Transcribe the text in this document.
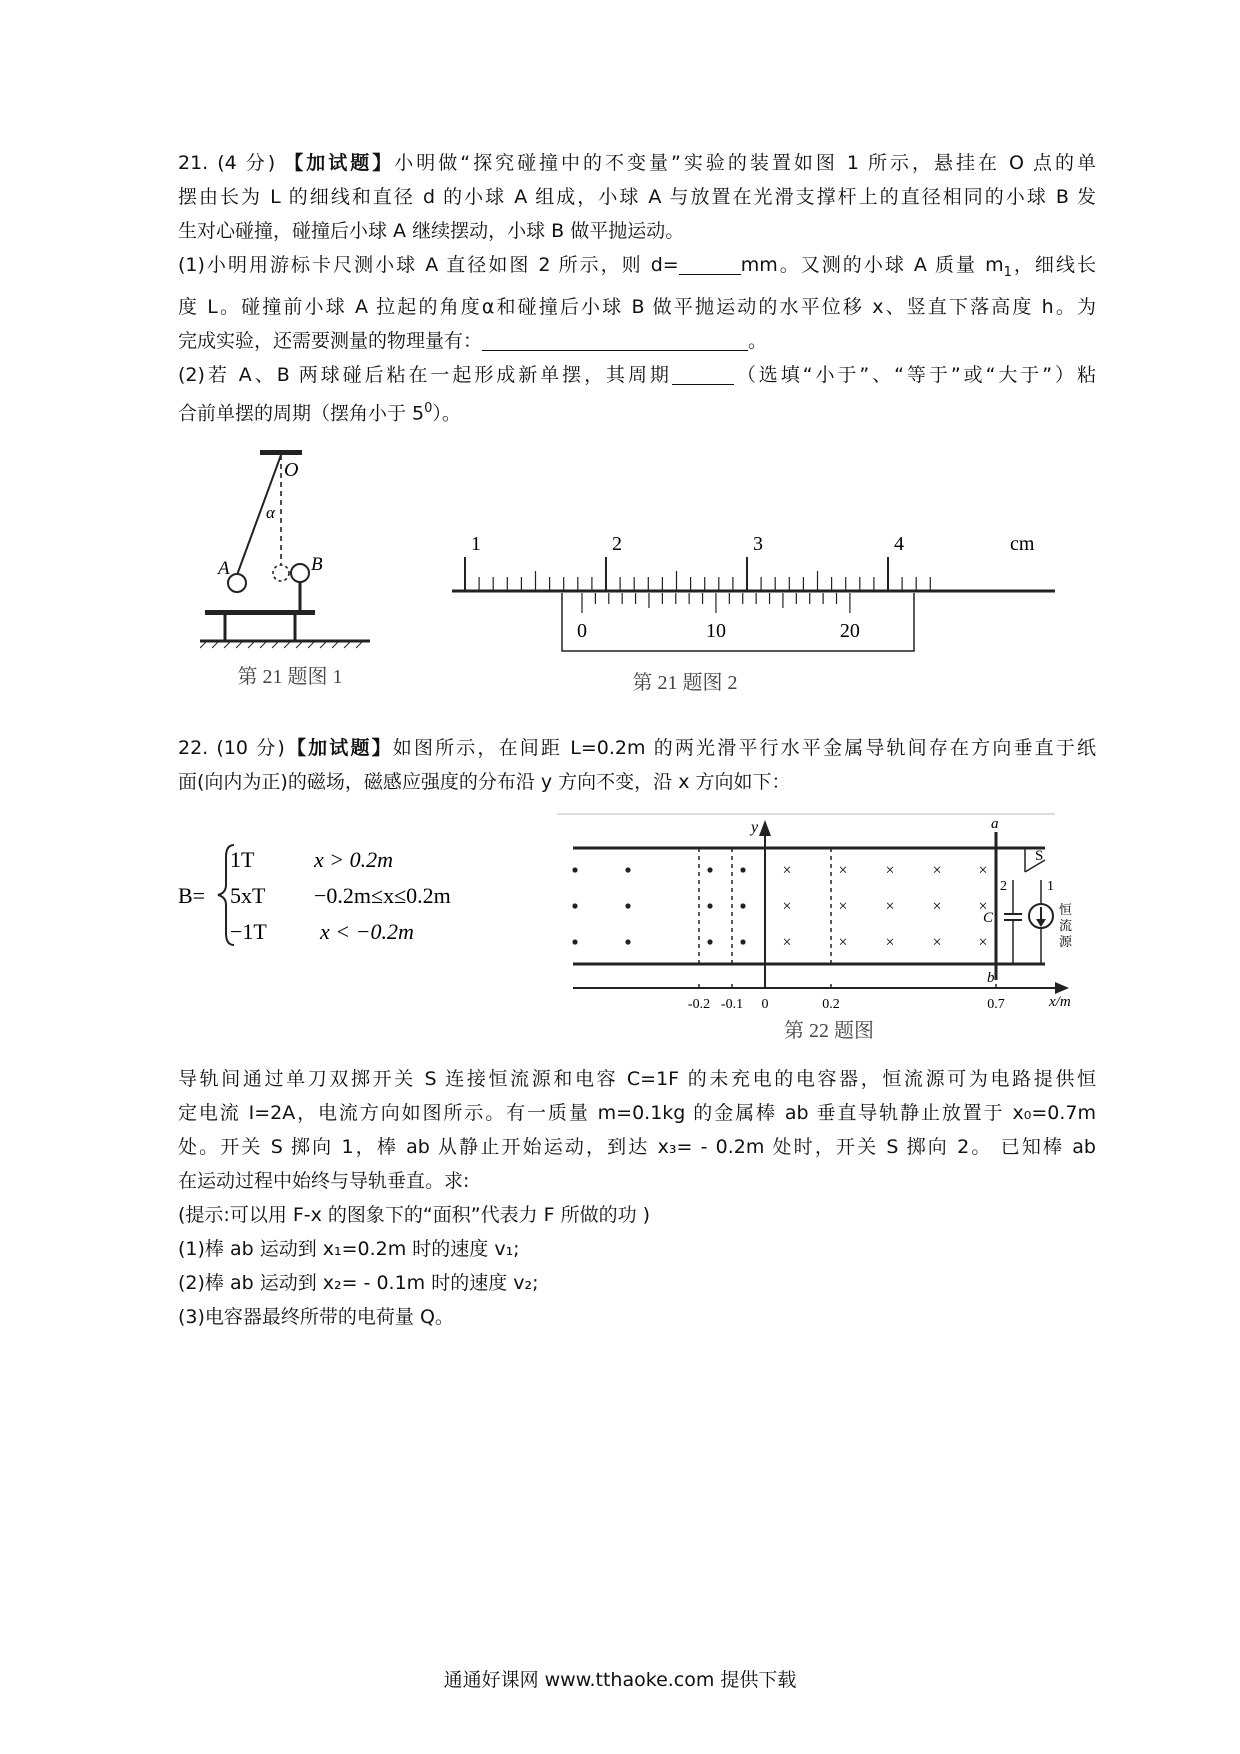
21. (4 分) 【加试题】小明做“探究碰撞中的不变量”实验的装置如图 1 所示，悬挂在 O 点的单
摆由长为 L 的细线和直径 d 的小球 A 组成，小球 A 与放置在光滑支撑杆上的直径相同的小球 B 发
生对心碰撞，碰撞后小球 A 继续摆动，小球 B 做平抛运动。
(1)小明用游标卡尺测小球 A 直径如图 2 所示，则 d=	mm。又测的小球 A 质量 $m_1$，细线长
度 L。碰撞前小球 A 拉起的角度α和碰撞后小球 B 做平抛运动的水平位移 x、竖直下落高度 h。为
完成实验，还需要测量的物理量有：	。
(2)若 A、B 两球碰后粘在一起形成新单摆，其周期	（选填“小于”、“等于”或“大于”）粘
合前单摆的周期（摆角小于 $5^0$）。
O
α
A	B
第 21 题图 1
1	2	3	4
0	10	20
cm
第 21 题图 2
22. (10 分)【加试题】如图所示，在间距 L=0.2m 的两光滑平行水平金属导轨间存在方向垂直于纸
面(向内为正)的磁场，磁感应强度的分布沿 y 方向不变，沿 x 方向如下：
B=
1T	x > 0.2m
5xT −0.2m≤x≤0.2m
−1T x < −0.2m
y
x/m
×	× × × ×
×	× × × ×
×	× × × ×
a
b
-0.2 -0.1 0	0.2	0.7
S
2	1
C
恒
流
源
第 22 题图
导轨间通过单刀双掷开关 S 连接恒流源和电容 C=1F 的未充电的电容器，恒流源可为电路提供恒
定电流 I=2A，电流方向如图所示。有一质量 m=0.1kg 的金属棒 ab 垂直导轨静止放置于 x₀=0.7m
处。开关 S 掷向 1，棒 ab 从静止开始运动，到达 x₃= - 0.2m 处时，开关 S 掷向 2。 已知棒 ab
在运动过程中始终与导轨垂直。求:
(提示:可以用 F-x 的图象下的“面积”代表力 F 所做的功 )
(1)棒 ab 运动到 x₁=0.2m 时的速度 v₁;
(2)棒 ab 运动到 x₂= - 0.1m 时的速度 v₂;
(3)电容器最终所带的电荷量 Q。
通通好课网 www.tthaoke.com 提供下载
